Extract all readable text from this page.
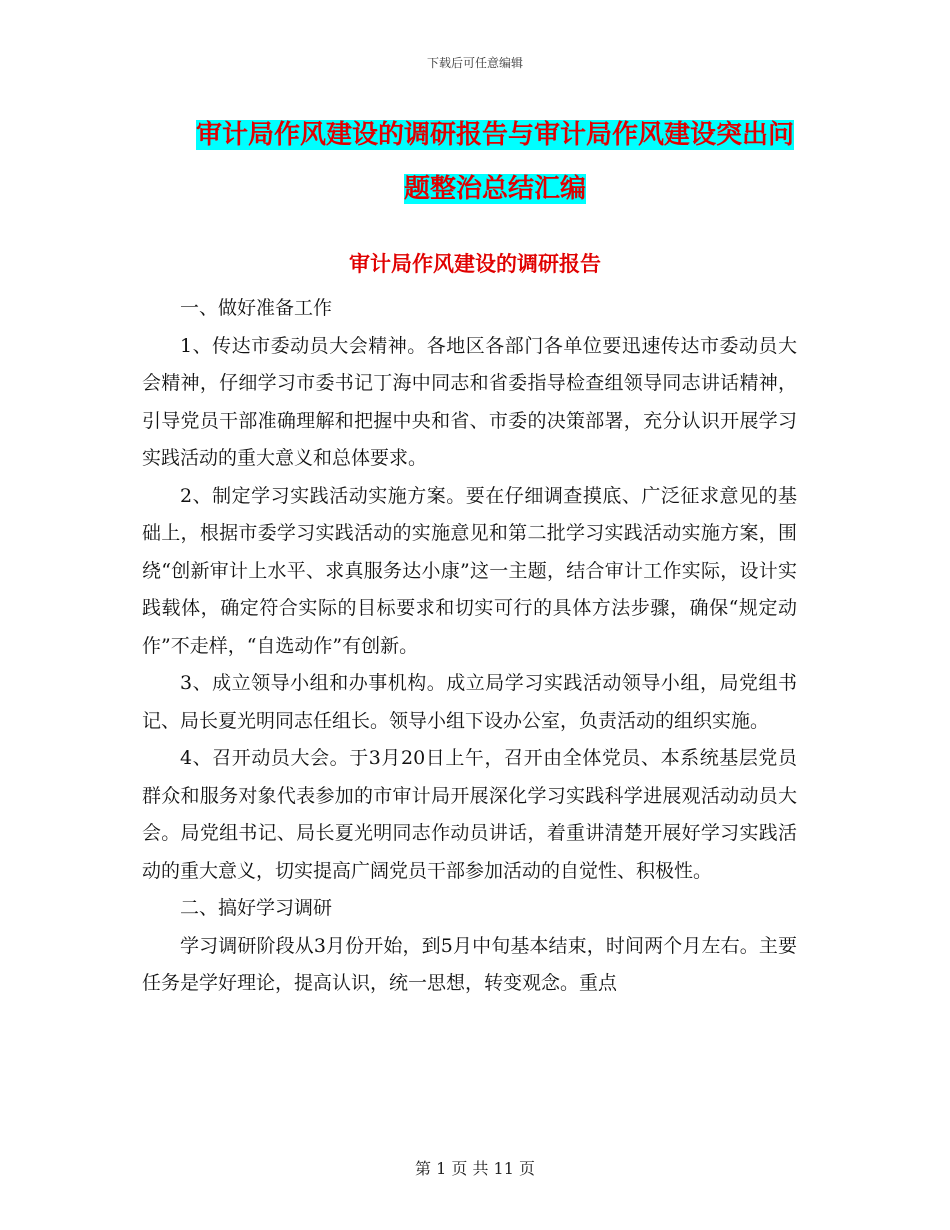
下载后可任意编辑
审计局作风建设的调研报告与审计局作风建设突出问
题整治总结汇编
审计局作风建设的调研报告

一、做好准备工作

1、传达市委动员大会精神。各地区各部门各单位要迅速传达市委动员大会精神，仔细学习市委书记丁海中同志和省委指导检查组领导同志讲话精神，引导党员干部准确理解和把握中央和省、市委的决策部署，充分认识开展学习实践活动的重大意义和总体要求。

2、制定学习实践活动实施方案。要在仔细调查摸底、广泛征求意见的基础上，根据市委学习实践活动的实施意见和第二批学习实践活动实施方案，围绕“创新审计上水平、求真服务达小康”这一主题，结合审计工作实际，设计实践载体，确定符合实际的目标要求和切实可行的具体方法步骤，确保“规定动作”不走样，“自选动作”有创新。

3、成立领导小组和办事机构。成立局学习实践活动领导小组，局党组书记、局长夏光明同志任组长。领导小组下设办公室，负责活动的组织实施。

4、召开动员大会。于3月20日上午，召开由全体党员、本系统基层党员群众和服务对象代表参加的市审计局开展深化学习实践科学进展观活动动员大会。局党组书记、局长夏光明同志作动员讲话，着重讲清楚开展好学习实践活动的重大意义，切实提高广阔党员干部参加活动的自觉性、积极性。

二、搞好学习调研

学习调研阶段从3月份开始，到5月中旬基本结束，时间两个月左右。主要任务是学好理论，提高认识，统一思想，转变观念。重点

第 1 页 共 11 页
